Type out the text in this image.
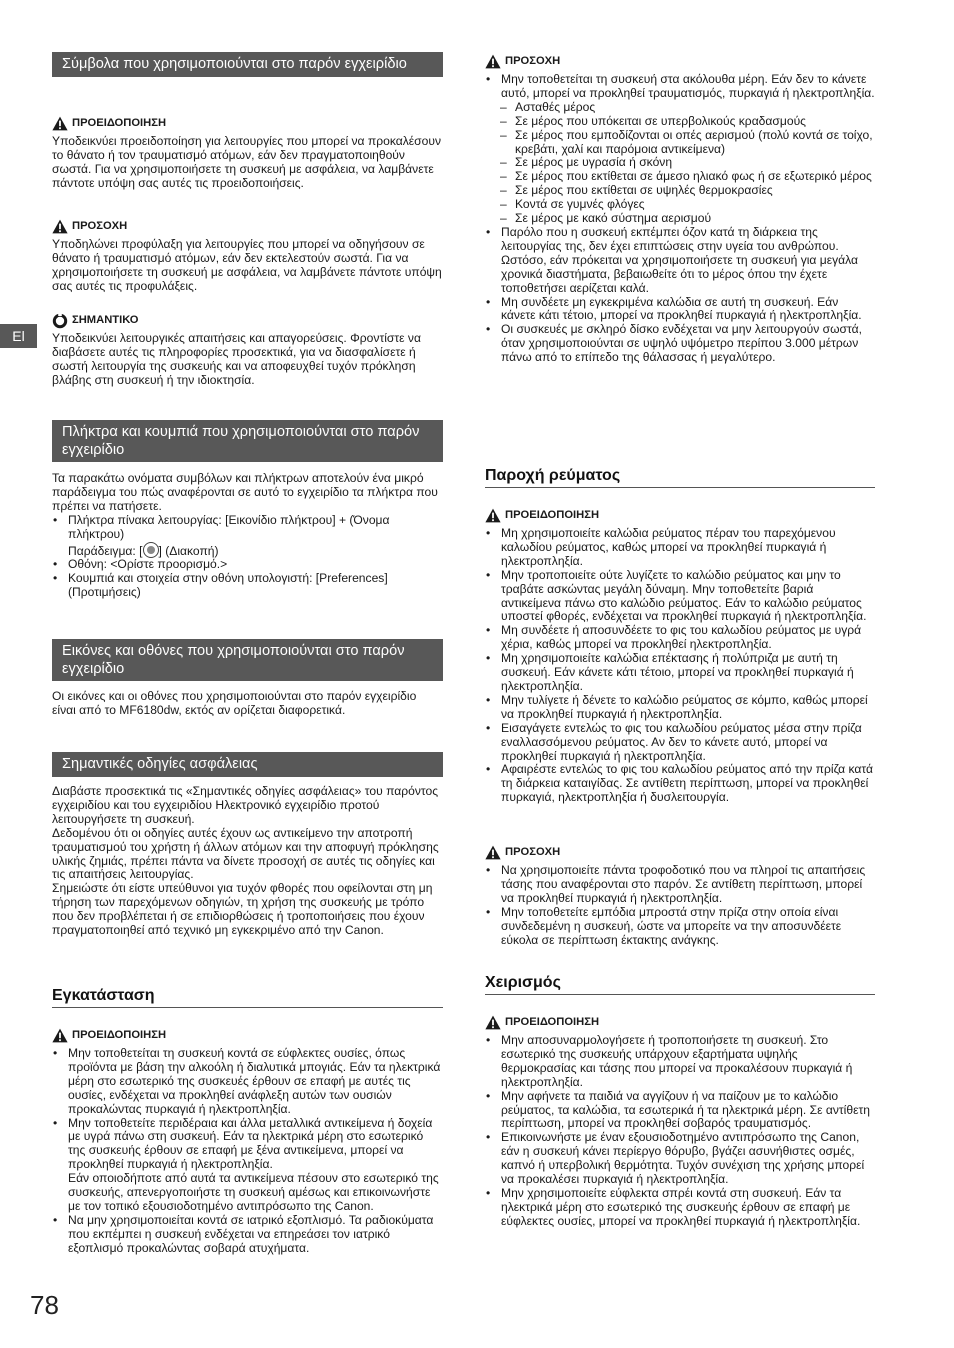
El
78
Σύμβολα που χρησιμοποιούνται στο παρόν εγχειρίδιο
ΠΡΟΕΙΔΟΠΟΙΗΣΗ

Υποδεικνύει προειδοποίηση για λειτουργίες που μπορεί να προκαλέσουν το θάνατο ή τον τραυματισμό ατόμων, εάν δεν πραγματοποιηθούν σωστά. Για να χρησιμοποιήσετε τη συσκευή με ασφάλεια, να λαμβάνετε πάντοτε υπόψη σας αυτές τις προειδοποιήσεις.

ΠΡΟΣΟΧΗ

Υποδηλώνει προφύλαξη για λειτουργίες που μπορεί να οδηγήσουν σε θάνατο ή τραυματισμό ατόμων, εάν δεν εκτελεστούν σωστά. Για να χρησιμοποιήσετε τη συσκευή με ασφάλεια, να λαμβάνετε πάντοτε υπόψη σας αυτές τις προφυλάξεις.

ΣΗΜΑΝΤΙΚΟ

Υποδεικνύει λειτουργικές απαιτήσεις και απαγορεύσεις. Φροντίστε να διαβάσετε αυτές τις πληροφορίες προσεκτικά, για να διασφαλίσετε ή σωστή λειτουργία της συσκευής και να αποφευχθεί τυχόν πρόκληση βλάβης στη συσκευή ή την ιδιοκτησία.

Πλήκτρα και κουμπιά που χρησιμοποιούνται στο παρόν εγχειρίδιο

Τα παρακάτω ονόματα συμβόλων και πλήκτρων αποτελούν ένα μικρό παράδειγμα του πώς αναφέρονται σε αυτό το εγχειρίδιο τα πλήκτρα που πρέπει να πατήσετε.

• Πλήκτρα πίνακα λειτουργίας: [Εικονίδιο πλήκτρου] + (Όνομα πλήκτρου)
Παράδειγμα: [ ] (Διακοπή)
• Οθόνη: <Ορίστε προορισμό.>
• Κουμπιά και στοιχεία στην οθόνη υπολογιστή: [Preferences] (Προτιμήσεις)
Εικόνες και οθόνες που χρησιμοποιούνται στο παρόν εγχειρίδιο

Οι εικόνες και οι οθόνες που χρησιμοποιούνται στο παρόν εγχειρίδιο είναι από το MF6180dw, εκτός αν ορίζεται διαφορετικά.

Σημαντικές οδηγίες ασφάλειας

Διαβάστε προσεκτικά τις «Σημαντικές οδηγίες ασφάλειας» του παρόντος εγχειριδίου και του εγχειριδίου Ηλεκτρονικό εγχειρίδιο προτού λειτουργήσετε τη συσκευή.

Δεδομένου ότι οι οδηγίες αυτές έχουν ως αντικείμενο την αποτροπή τραυματισμού του χρήστη ή άλλων ατόμων και την αποφυγή πρόκλησης υλικής ζημιάς, πρέπει πάντα να δίνετε προσοχή σε αυτές τις οδηγίες και τις απαιτήσεις λειτουργίας.

Σημειώστε ότι είστε υπεύθυνοι για τυχόν φθορές που οφείλονται στη μη τήρηση των παρεχόμενων οδηγιών, τη χρήση της συσκευής με τρόπο που δεν προβλέπεται ή σε επιδιορθώσεις ή τροποποιήσεις που έχουν πραγματοποιηθεί από τεχνικό μη εγκεκριμένο από την Canon.

Εγκατάσταση
ΠΡΟΕΙΔΟΠΟΙΗΣΗ
• Μην τοποθετείται τη συσκευή κοντά σε εύφλεκτες ουσίες, όπως προϊόντα με βάση την αλκοόλη ή διαλυτικά μπογιάς. Εάν τα ηλεκτρικά μέρη στο εσωτερικό της συσκευές έρθουν σε επαφή με αυτές τις ουσίες, ενδέχεται να προκληθεί ανάφλεξη αυτών των ουσιών προκαλώντας πυρκαγιά ή ηλεκτροπληξία.
• Μην τοποθετείτε περιδέραια και άλλα μεταλλικά αντικείμενα ή δοχεία με υγρά πάνω στη συσκευή. Εάν τα ηλεκτρικά μέρη στο εσωτερικό της συσκευής έρθουν σε επαφή με ξένα αντικείμενα, μπορεί να προκληθεί πυρκαγιά ή ηλεκτροπληξία.
Εάν οποιοδήποτε από αυτά τα αντικείμενα πέσουν στο εσωτερικό της συσκευής, απενεργοποιήστε τη συσκευή αμέσως και επικοινωνήστε με τον τοπικό εξουσιοδοτημένο αντιπρόσωπο της Canon.
• Να μην χρησιμοποιείται κοντά σε ιατρικό εξοπλισμό. Τα ραδιοκύματα που εκπέμπει η συσκευή ενδέχεται να επηρεάσει τον ιατρικό εξοπλισμό προκαλώντας σοβαρά ατυχήματα.
ΠΡΟΣΟΧΗ
• Μην τοποθετείται τη συσκευή στα ακόλουθα μέρη. Εάν δεν το κάνετε αυτό, μπορεί να προκληθεί τραυματισμός, πυρκαγιά ή ηλεκτροπληξία.
– Ασταθές μέρος
– Σε μέρος που υπόκειται σε υπερβολικούς κραδασμούς
– Σε μέρος που εμποδίζονται οι οπές αερισμού (πολύ κοντά σε τοίχο, κρεβάτι, χαλί και παρόμοια αντικείμενα)
– Σε μέρος με υγρασία ή σκόνη
– Σε μέρος που εκτίθεται σε άμεσο ηλιακό φως ή σε εξωτερικό μέρος
– Σε μέρος που εκτίθεται σε υψηλές θερμοκρασίες
– Κοντά σε γυμνές φλόγες
– Σε μέρος με κακό σύστημα αερισμού
• Παρόλο που η συσκευή εκπέμπει όζον κατά τη διάρκεια της λειτουργίας της, δεν έχει επιπτώσεις στην υγεία του ανθρώπου. Ωστόσο, εάν πρόκειται να χρησιμοποιήσετε τη συσκευή για μεγάλα χρονικά διαστήματα, βεβαιωθείτε ότι το μέρος όπου την έχετε τοποθετήσει αερίζεται καλά.
• Μη συνδέετε μη εγκεκριμένα καλώδια σε αυτή τη συσκευή. Εάν κάνετε κάτι τέτοιο, μπορεί να προκληθεί πυρκαγιά ή ηλεκτροπληξία.
• Οι συσκευές με σκληρό δίσκο ενδέχεται να μην λειτουργούν σωστά, όταν χρησιμοποιούνται σε υψηλό υψόμετρο περίπου 3.000 μέτρων πάνω από το επίπεδο της θάλασσας ή μεγαλύτερο.
Παροχή ρεύματος
ΠΡΟΕΙΔΟΠΟΙΗΣΗ
• Μη χρησιμοποιείτε καλώδια ρεύματος πέραν του παρεχόμενου καλωδίου ρεύματος, καθώς μπορεί να προκληθεί πυρκαγιά ή ηλεκτροπληξία.
• Μην τροποποιείτε ούτε λυγίζετε το καλώδιο ρεύματος και μην το τραβάτε ασκώντας μεγάλη δύναμη. Μην τοποθετείτε βαριά αντικείμενα πάνω στο καλώδιο ρεύματος. Εάν το καλώδιο ρεύματος υποστεί φθορές, ενδέχεται να προκληθεί πυρκαγιά ή ηλεκτροπληξία.
• Μη συνδέετε ή αποσυνδέετε το φις του καλωδίου ρεύματος με υγρά χέρια, καθώς μπορεί να προκληθεί ηλεκτροπληξία.
• Μη χρησιμοποιείτε καλώδια επέκτασης ή πολύπριζα με αυτή τη συσκευή. Εάν κάνετε κάτι τέτοιο, μπορεί να προκληθεί πυρκαγιά ή ηλεκτροπληξία.
• Μην τυλίγετε ή δένετε το καλώδιο ρεύματος σε κόμπο, καθώς μπορεί να προκληθεί πυρκαγιά ή ηλεκτροπληξία.
• Εισαγάγετε εντελώς το φις του καλωδίου ρεύματος μέσα στην πρίζα εναλλασσόμενου ρεύματος. Αν δεν το κάνετε αυτό, μπορεί να προκληθεί πυρκαγιά ή ηλεκτροπληξία.
• Αφαιρέστε εντελώς το φις του καλωδίου ρεύματος από την πρίζα κατά τη διάρκεια καταιγίδας. Σε αντίθετη περίπτωση, μπορεί να προκληθεί πυρκαγιά, ηλεκτροπληξία ή δυσλειτουργία.
ΠΡΟΣΟΧΗ
• Να χρησιμοποιείτε πάντα τροφοδοτικό που να πληροί τις απαιτήσεις τάσης που αναφέρονται στο παρόν. Σε αντίθετη περίπτωση, μπορεί να προκληθεί πυρκαγιά ή ηλεκτροπληξία.
• Μην τοποθετείτε εμπόδια μπροστά στην πρίζα στην οποία είναι συνδεδεμένη η συσκευή, ώστε να μπορείτε να την αποσυνδέετε εύκολα σε περίπτωση έκτακτης ανάγκης.
Χειρισμός
ΠΡΟΕΙΔΟΠΟΙΗΣΗ
• Μην αποσυναρμολογήσετε ή τροποποιήσετε τη συσκευή. Στο εσωτερικό της συσκευής υπάρχουν εξαρτήματα υψηλής θερμοκρασίας και τάσης που μπορεί να προκαλέσουν πυρκαγιά ή ηλεκτροπληξία.
• Μην αφήνετε τα παιδιά να αγγίζουν ή να παίζουν με το καλώδιο ρεύματος, τα καλώδια, τα εσωτερικά ή τα ηλεκτρικά μέρη. Σε αντίθετη περίπτωση, μπορεί να προκληθεί σοβαρός τραυματισμός.
• Επικοινωνήστε με έναν εξουσιοδοτημένο αντιπρόσωπο της Canon, εάν η συσκευή κάνει περίεργο θόρυβο, βγάζει ασυνήθιστες οσμές, καπνό ή υπερβολική θερμότητα. Τυχόν συνέχιση της χρήσης μπορεί να προκαλέσει πυρκαγιά ή ηλεκτροπληξία.
• Μην χρησιμοποιείτε εύφλεκτα σπρέι κοντά στη συσκευή. Εάν τα ηλεκτρικά μέρη στο εσωτερικό της συσκευής έρθουν σε επαφή με εύφλεκτες ουσίες, μπορεί να προκληθεί πυρκαγιά ή ηλεκτροπληξία.
